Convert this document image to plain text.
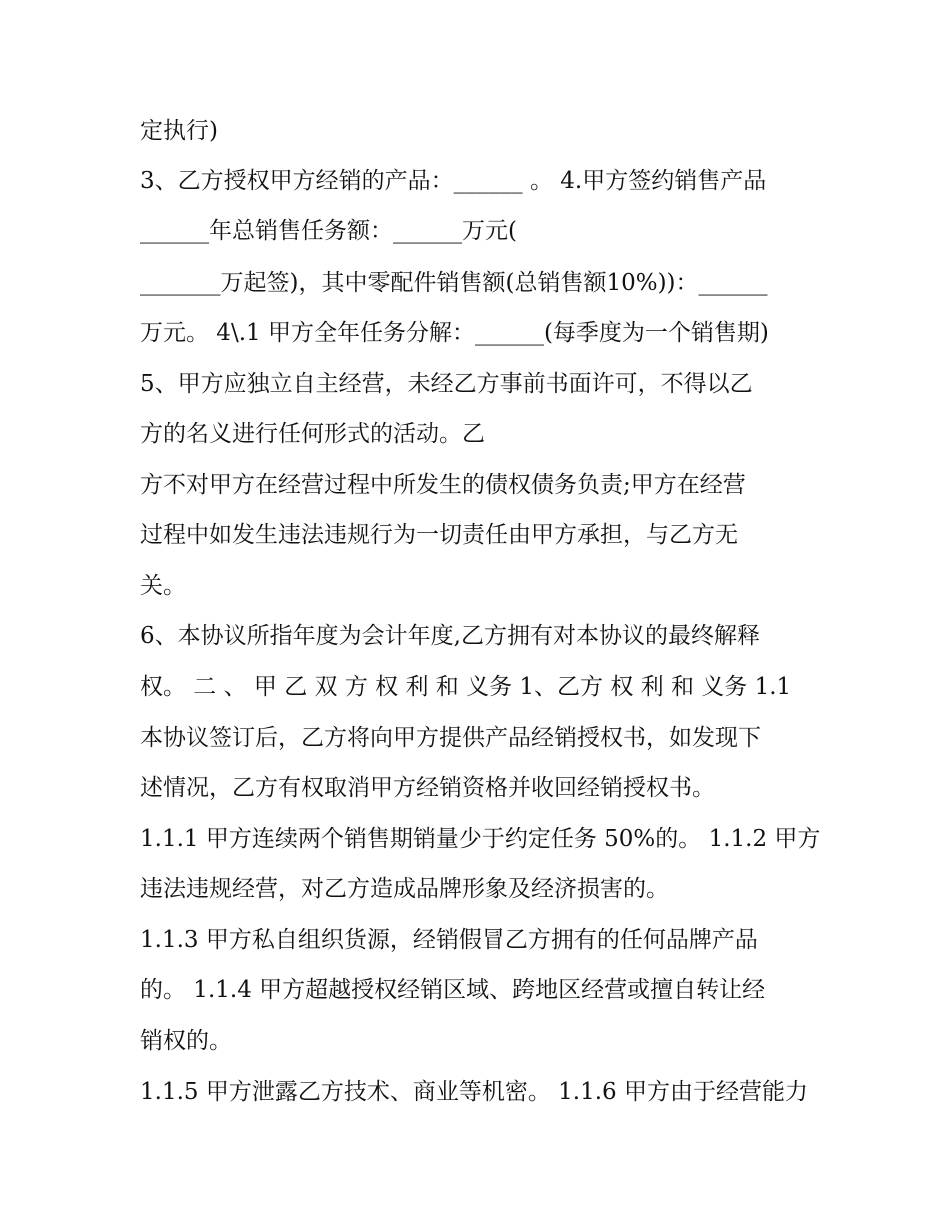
定执行)
3、乙方授权甲方经销的产品：______ 。 4.甲方签约销售产品
______年总销售任务额：______万元(
_______万起签)，其中零配件销售额(总销售额10%))：______
万元。 4\.1 甲方全年任务分解：______(每季度为一个销售期)
5、甲方应独立自主经营，未经乙方事前书面许可，不得以乙
方的名义进行任何形式的活动。乙
方不对甲方在经营过程中所发生的债权债务负责;甲方在经营
过程中如发生违法违规行为一切责任由甲方承担，与乙方无
关。
6、本协议所指年度为会计年度,乙方拥有对本协议的最终解释
权。 二 、 甲 乙 双 方 权 利 和 义务 1、乙方 权 利 和 义务 1.1
本协议签订后，乙方将向甲方提供产品经销授权书，如发现下
述情况，乙方有权取消甲方经销资格并收回经销授权书。
1.1.1 甲方连续两个销售期销量少于约定任务 50%的。 1.1.2 甲方
违法违规经营，对乙方造成品牌形象及经济损害的。
1.1.3 甲方私自组织货源，经销假冒乙方拥有的任何品牌产品
的。 1.1.4 甲方超越授权经销区域、跨地区经营或擅自转让经
销权的。
1.1.5 甲方泄露乙方技术、商业等机密。 1.1.6 甲方由于经营能力
